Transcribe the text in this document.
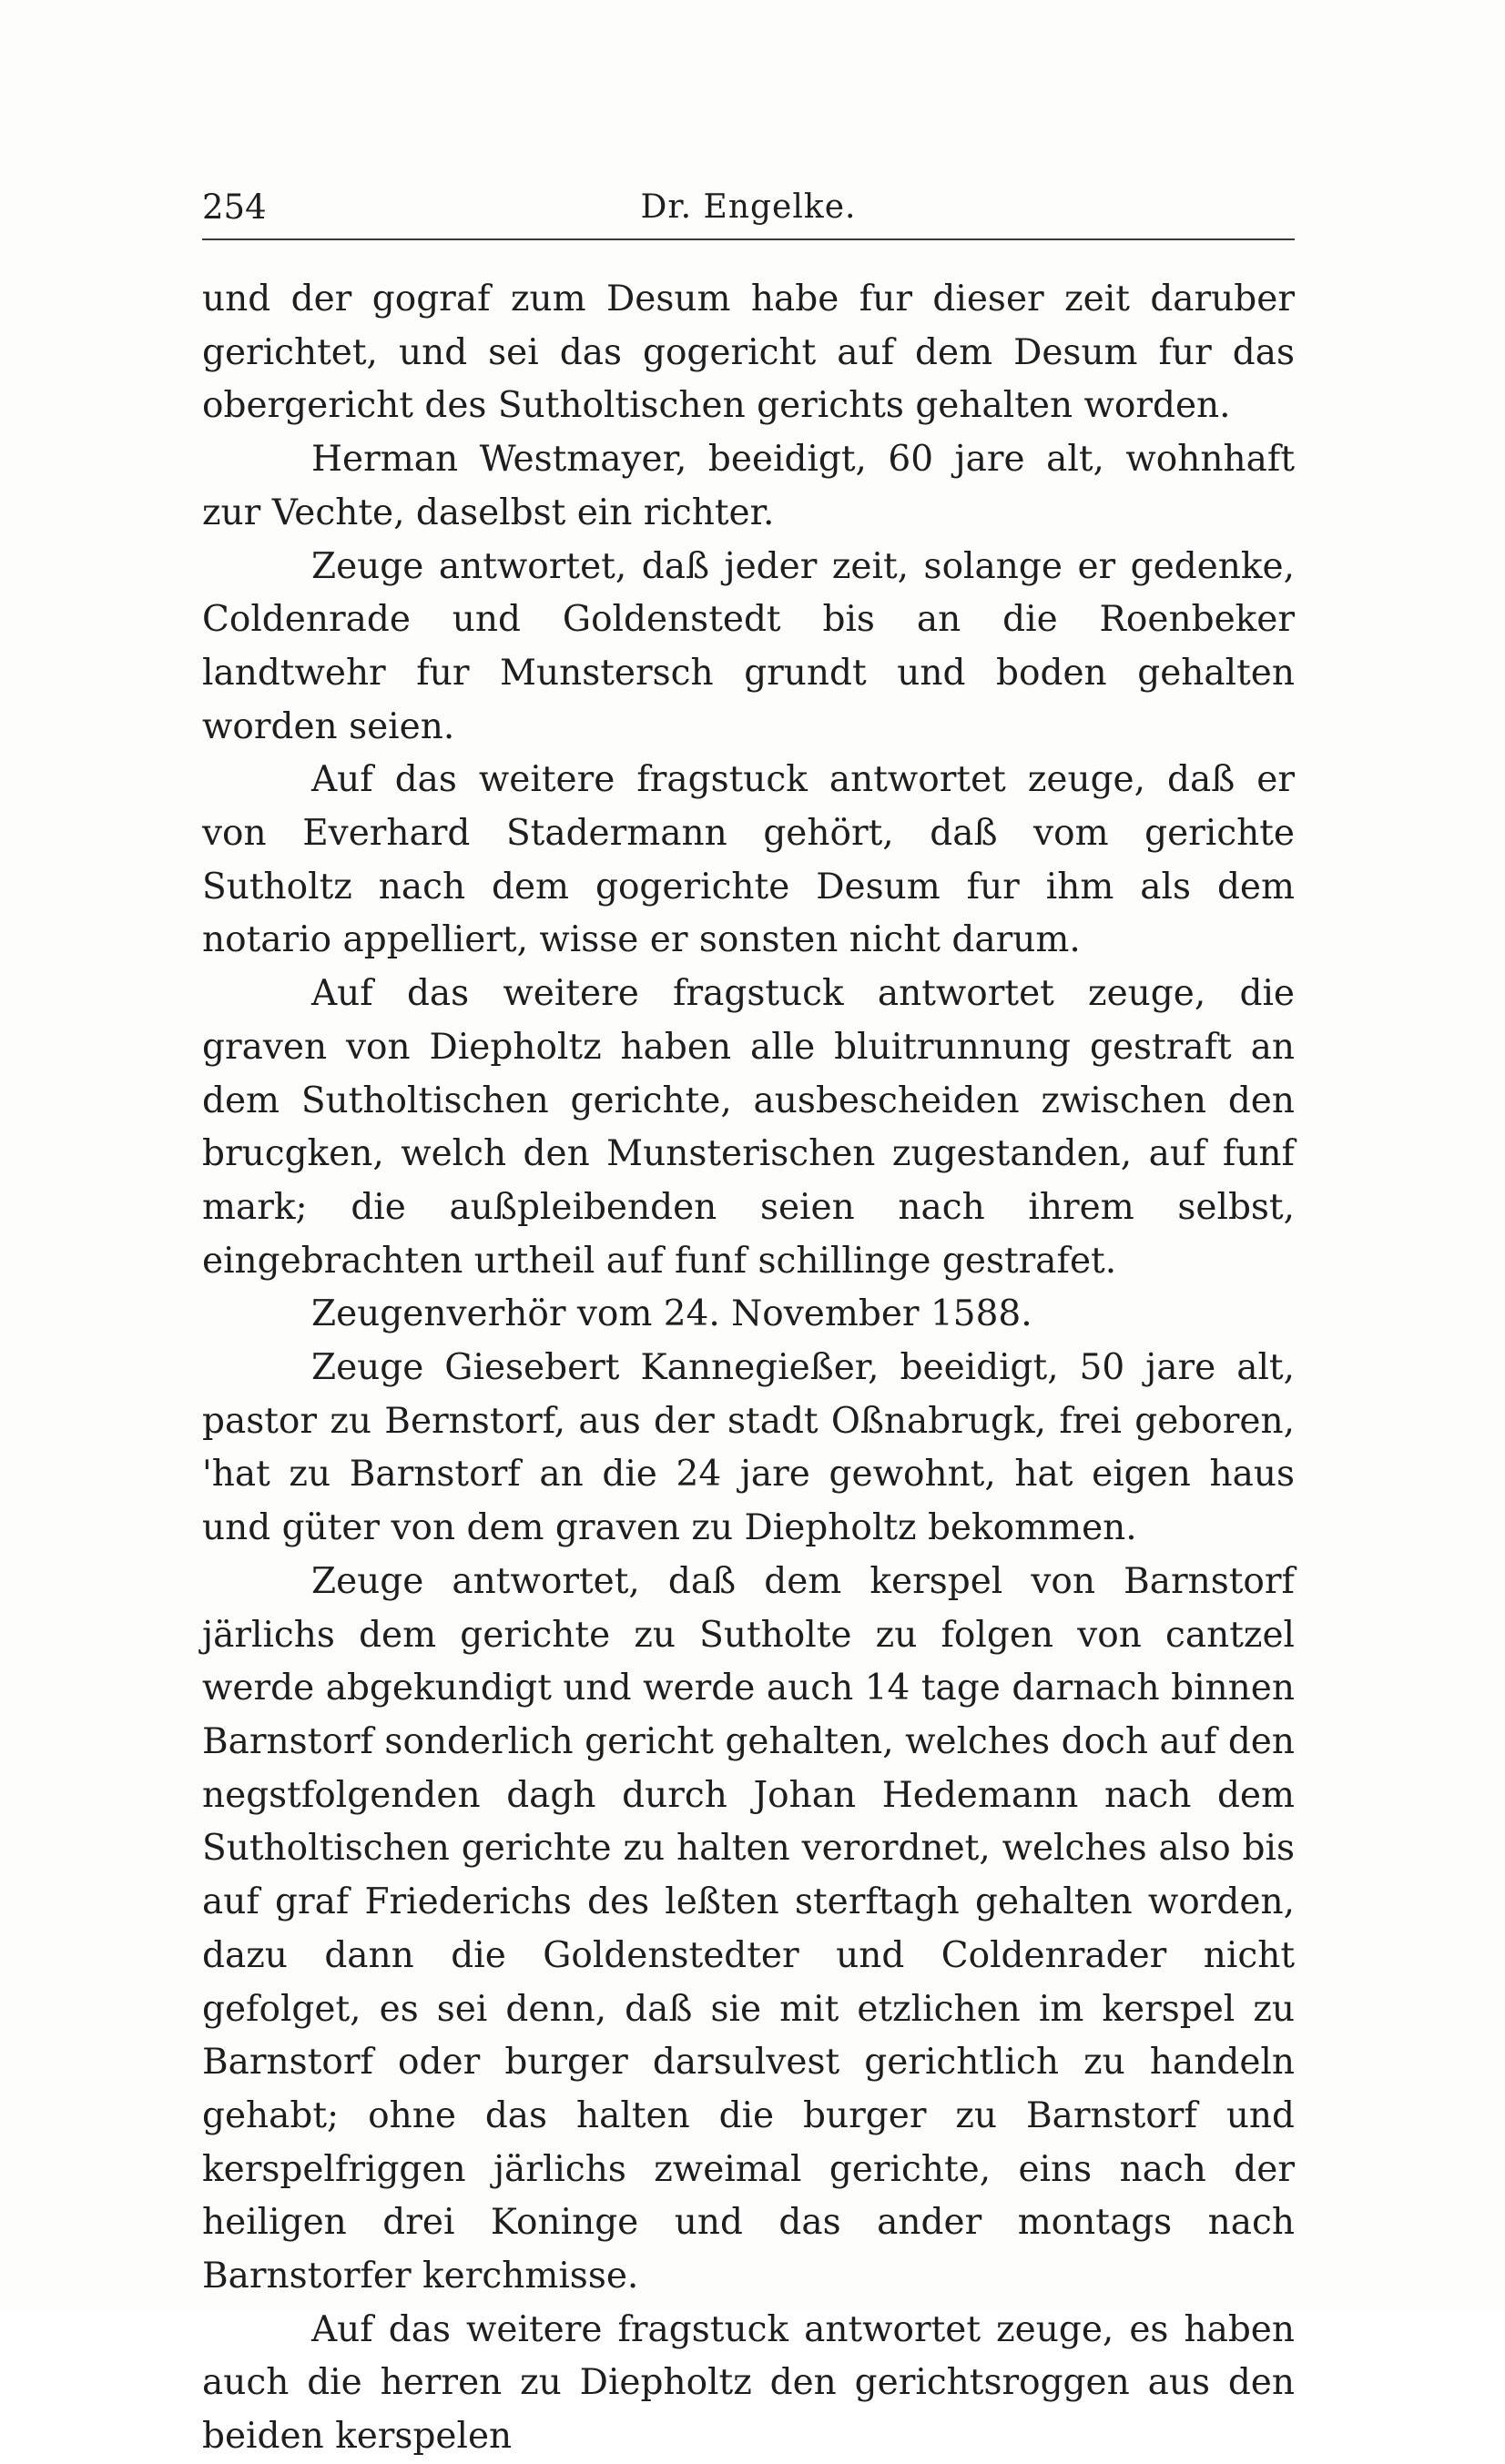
254	Dr. Engelke.

und der gograf zum Desum habe fur dieser zeit daruber gerichtet, und sei das gogericht auf dem Desum fur das obergericht des Sutholtischen gerichts gehalten worden.

Herman Westmayer, beeidigt, 60 jare alt, wohnhaft zur Vechte, daselbst ein richter.

Zeuge antwortet, daß jeder zeit, solange er gedenke, Coldenrade und Goldenstedt bis an die Roenbeker landtwehr fur Munstersch grundt und boden gehalten worden seien.

Auf das weitere fragstuck antwortet zeuge, daß er von Everhard Stadermann gehört, daß vom gerichte Sutholtz nach dem gogerichte Desum fur ihm als dem notario appelliert, wisse er sonsten nicht darum.

Auf das weitere fragstuck antwortet zeuge, die graven von Diepholtz haben alle bluitrunnung gestraft an dem Sutholtischen gerichte, ausbescheiden zwischen den brucgken, welch den Munsterischen zugestanden, auf funf mark; die außpleibenden seien nach ihrem selbst, eingebrachten urtheil auf funf schillinge gestrafet.

Zeugenverhör vom 24. November 1588.

Zeuge Giesebert Kannegießer, beeidigt, 50 jare alt, pastor zu Bernstorf, aus der stadt Oßnabrugk, frei geboren, 'hat zu Barnstorf an die 24 jare gewohnt, hat eigen haus und güter von dem graven zu Diepholtz bekommen.

Zeuge antwortet, daß dem kerspel von Barnstorf järlichs dem gerichte zu Sutholte zu folgen von cantzel werde abgekundigt und werde auch 14 tage darnach binnen Barnstorf sonderlich gericht gehalten, welches doch auf den negstfolgenden dagh durch Johan Hedemann nach dem Sutholtischen gerichte zu halten verordnet, welches also bis auf graf Friederichs des leßten sterftagh gehalten worden, dazu dann die Goldenstedter und Coldenrader nicht gefolget, es sei denn, daß sie mit etzlichen im kerspel zu Barnstorf oder burger darsulvest gerichtlich zu handeln gehabt; ohne das halten die burger zu Barnstorf und kerspelfriggen järlichs zweimal gerichte, eins nach der heiligen drei Koninge und das ander montags nach Barnstorfer kerchmisse.

Auf das weitere fragstuck antwortet zeuge, es haben auch die herren zu Diepholtz den gerichtsroggen aus den beiden kerspelen
